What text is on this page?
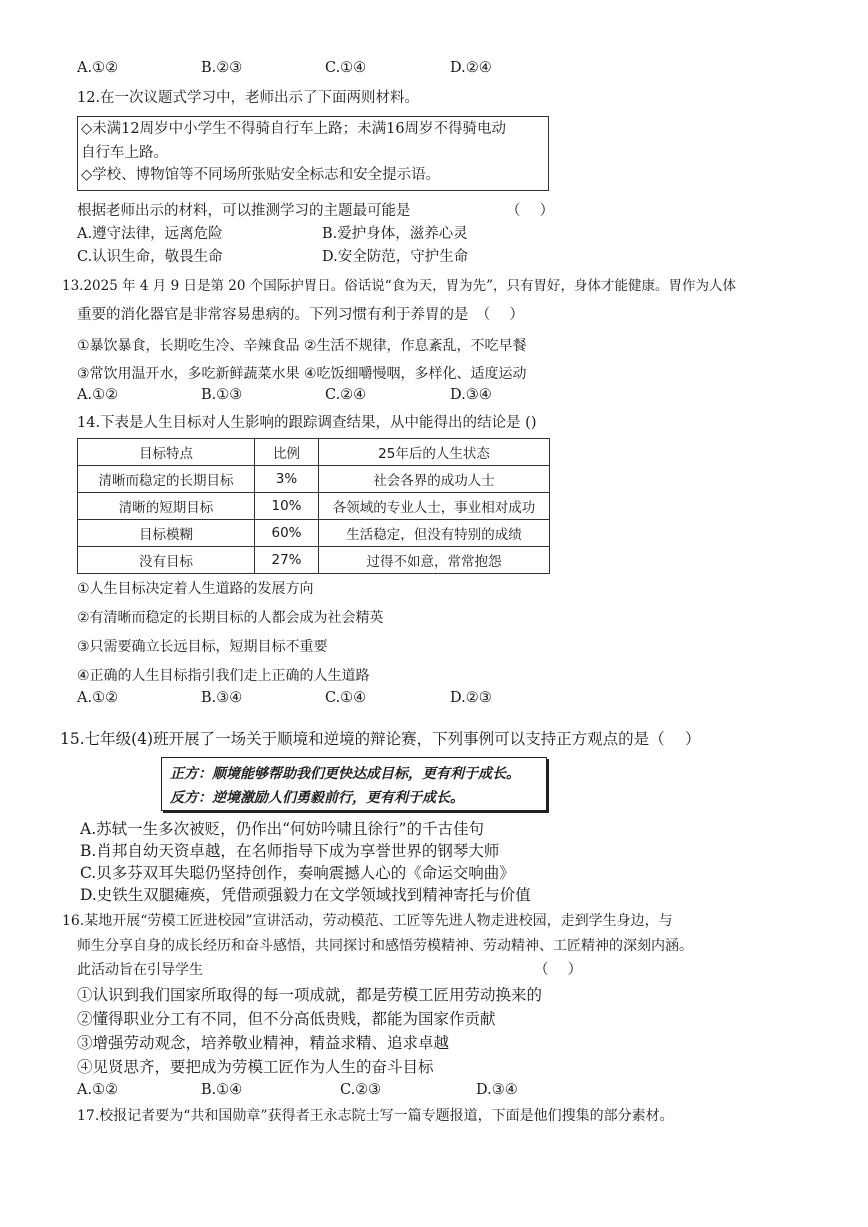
A.①②	B.②③	C.①④	D.②④
12.在一次议题式学习中，老师出示了下面两则材料。
◇未满12周岁中小学生不得骑自行车上路；未满16周岁不得骑电动
自行车上路。
◇学校、博物馆等不同场所张贴安全标志和安全提示语。
根据老师出示的材料，可以推测学习的主题最可能是	（　 ）
A.遵守法律，远离危险	B.爱护身体，滋养心灵
C.认识生命，敬畏生命	D.安全防范，守护生命
13.2025 年 4 月 9 日是第 20 个国际护胃日。俗话说“食为天，胃为先”，只有胃好，身体才能健康。胃作为人体
重要的消化器官是非常容易患病的。下列习惯有利于养胃的是　（　 ）
①暴饮暴食，长期吃生冷、辛辣食品 ②生活不规律，作息紊乱，不吃早餐
③常饮用温开水，多吃新鲜蔬菜水果 ④吃饭细嚼慢咽，多样化、适度运动
A.①②	B.①③	C.②④	D.③④
14.下表是人生目标对人生影响的跟踪调查结果，从中能得出的结论是 ()
目标特点	比例	25年后的人生状态
清晰而稳定的长期目标	3%	社会各界的成功人士
清晰的短期目标	10%	各领域的专业人士，事业相对成功
目标模糊	60%	生活稳定，但没有特别的成绩
没有目标	27%	过得不如意，常常抱怨
①人生目标决定着人生道路的发展方向
②有清晰而稳定的长期目标的人都会成为社会精英
③只需要确立长远目标，短期目标不重要
④正确的人生目标指引我们走上正确的人生道路
A.①②	B.③④	C.①④	D.②③
15.七年级(4)班开展了一场关于顺境和逆境的辩论赛，下列事例可以支持正方观点的是（　 ）
正方：顺境能够帮助我们更快达成目标，更有利于成长。
反方：逆境激励人们勇毅前行，更有利于成长。
A.苏轼一生多次被贬，仍作出“何妨吟啸且徐行”的千古佳句
B.肖邦自幼天资卓越，在名师指导下成为享誉世界的钢琴大师
C.贝多芬双耳失聪仍坚持创作，奏响震撼人心的《命运交响曲》
D.史铁生双腿瘫痪，凭借顽强毅力在文学领域找到精神寄托与价值
16.某地开展“劳模工匠进校园”宣讲活动，劳动模范、工匠等先进人物走进校园，走到学生身边，与
师生分享自身的成长经历和奋斗感悟，共同探讨和感悟劳模精神、劳动精神、工匠精神的深刻内涵。
此活动旨在引导学生	（　 ）
①认识到我们国家所取得的每一项成就，都是劳模工匠用劳动换来的
②懂得职业分工有不同，但不分高低贵贱，都能为国家作贡献
③增强劳动观念，培养敬业精神，精益求精、追求卓越
④见贤思齐，要把成为劳模工匠作为人生的奋斗目标
A.①②	B.①④	C.②③	D.③④
17.校报记者要为“共和国勋章”获得者王永志院士写一篇专题报道，下面是他们搜集的部分素材。
